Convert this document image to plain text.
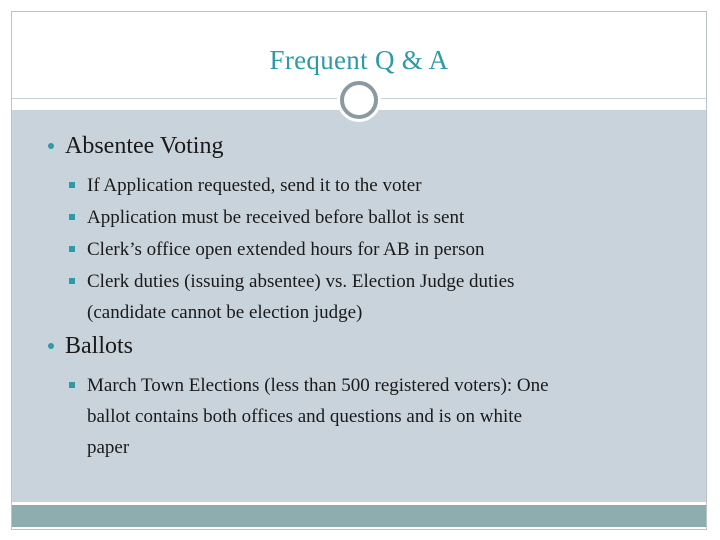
Frequent Q & A
Absentee Voting
If Application requested, send it to the voter
Application must be received before ballot is sent
Clerk’s office open extended hours for AB in person
Clerk duties (issuing absentee) vs. Election Judge duties
(candidate cannot be election judge)
Ballots
March Town Elections (less than 500 registered voters): One
ballot contains both offices and questions and is on white
paper
